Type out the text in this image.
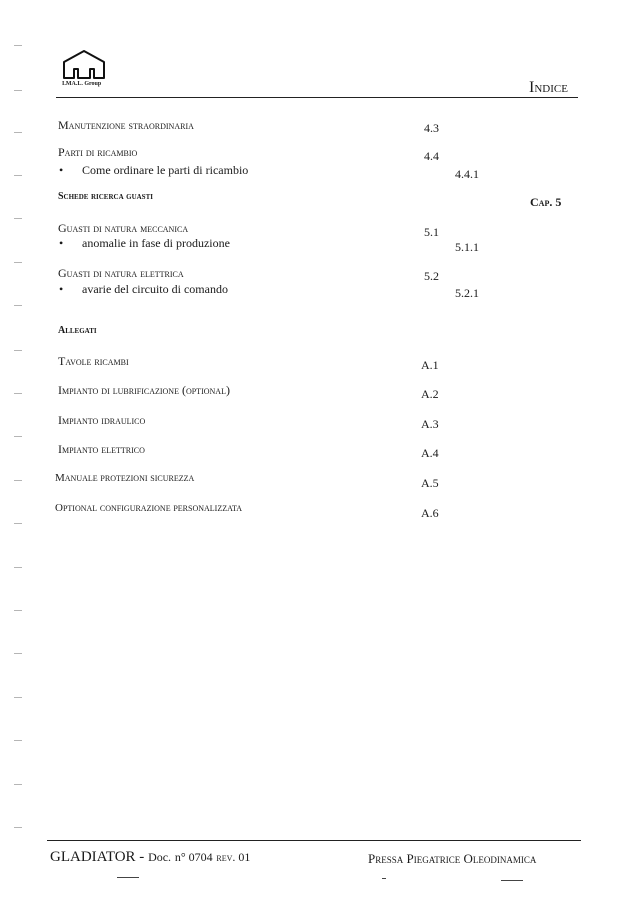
I.MA.L. Group	Indice
Manutenzione straordinaria	4.3
Parti di ricambio	4.4
• Come ordinare le parti di ricambio	4.4.1
Schede ricerca guasti	Cap. 5
Guasti di natura meccanica	5.1
• anomalie in fase di produzione	5.1.1
Guasti di natura elettrica	5.2
• avarie del circuito di comando	5.2.1
Allegati
Tavole ricambi	A.1
Impianto di lubrificazione (optional)	A.2
Impianto idraulico	A.3
Impianto elettrico	A.4
Manuale protezioni sicurezza	A.5
Optional configurazione personalizzata	A.6
GLADIATOR - Doc. n° 0704 rev. 01	Pressa Piegatrice Oleodinamica
